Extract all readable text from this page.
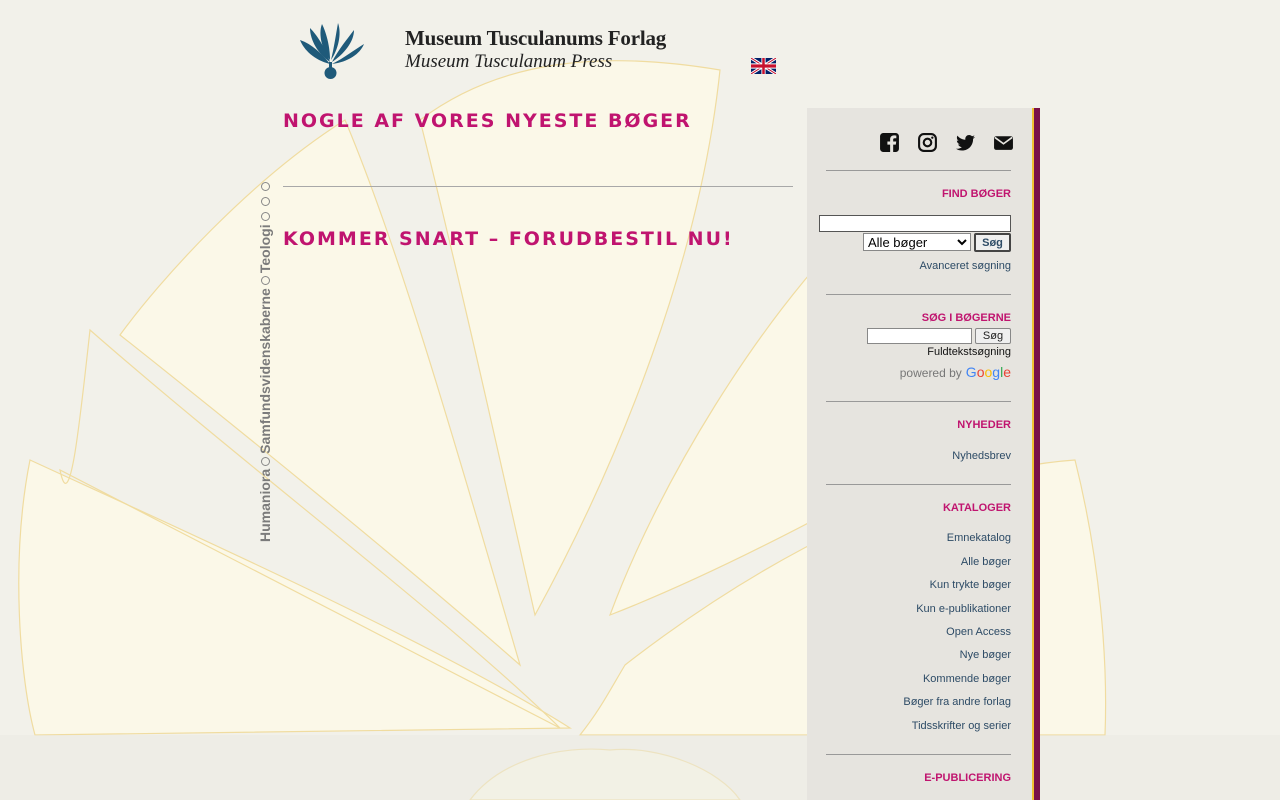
Museum Tusculanums Forlag
Museum Tusculanum Press
Humaniora
Samfundsvidenskaberne
Teologi
NOGLE AF VORES NYESTE BØGER
KOMMER SNART – FORUDBESTIL NU!
FIND BØGER
Alle bøger
Søg
Avanceret søgning
SØG I BØGERNE
Søg
Fuldtekstsøgning
powered by Google
NYHEDER
Nyhedsbrev
KATALOGER
Emnekatalog
Alle bøger
Kun trykte bøger
Kun e-publikationer
Open Access
Nye bøger
Kommende bøger
Bøger fra andre forlag
Tidsskrifter og serier
E-PUBLICERING
